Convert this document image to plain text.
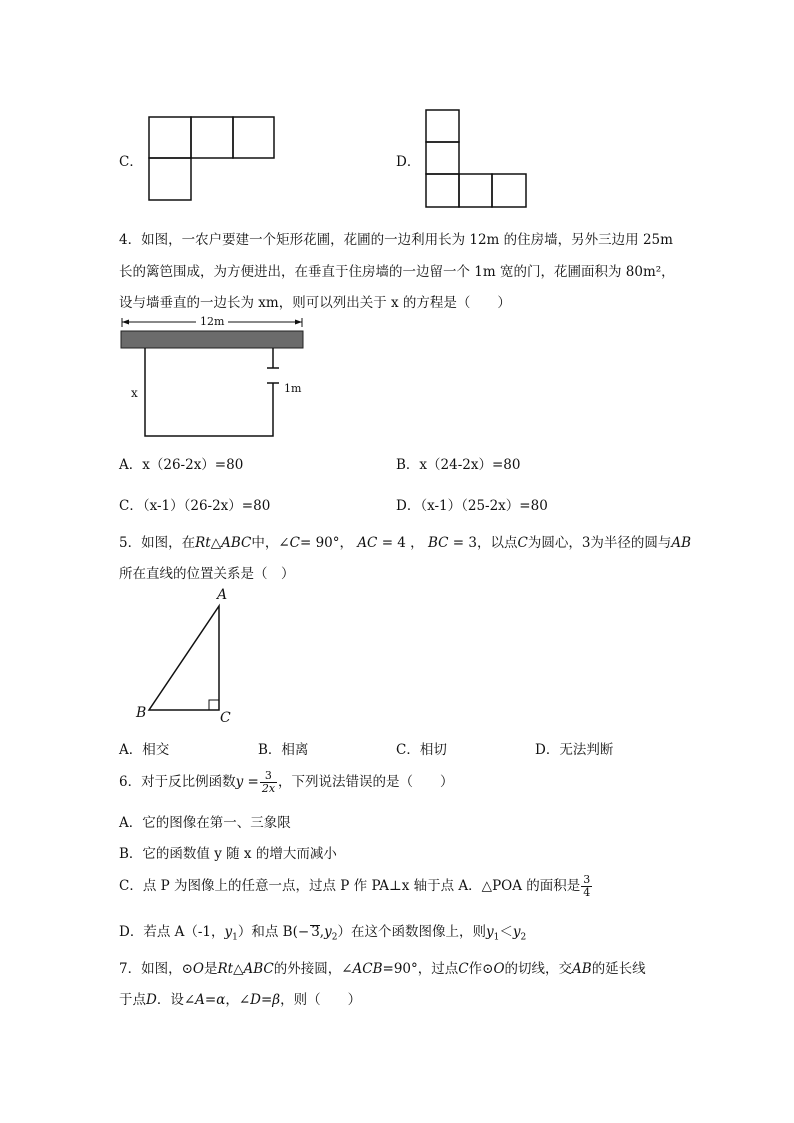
C．	D．
4．如图，一农户要建一个矩形花圃，花圃的一边利用长为 12m 的住房墙，另外三边用 25m
长的篱笆围成，为方便进出，在垂直于住房墙的一边留一个 1m 宽的门，花圃面积为 80m²，
设与墙垂直的一边长为 xm，则可以列出关于 x 的方程是（　　）
12m
x	1m
A．x（26-2x）=80	B．x（24-2x）=80
C．（x-1）（26-2x）=80	D．（x-1）（25-2x）=80
5．如图，在Rt△ABC中，∠C= 90°， AC = 4 ， BC = 3，以点C为圆心，3为半径的圆与AB
所在直线的位置关系是（　）
A
B	C
A．相交	B．相离	C．相切	D．无法判断
6．对于反比例函数$y = \frac{3}{2x}$ ，下列说法错误的是（　　）
A．它的图像在第一、三象限
B．它的函数值 y 随 x 的增大而减小
C．点 P 为图像上的任意一点，过点 P 作 PA⊥x 轴于点 A．△POA 的面积是 $\frac{3}{4}$
D．若点 A（-1，$y_1$）和点 $B(- 3,y_2)$在这个函数图像上，则$y_1<y_2$
7．如图，⊙O是Rt△ABC的外接圆，∠ACB=90°，过点C作⊙O的切线，交AB的延长线
于点D．设∠A=α，∠D=β，则（　　）
